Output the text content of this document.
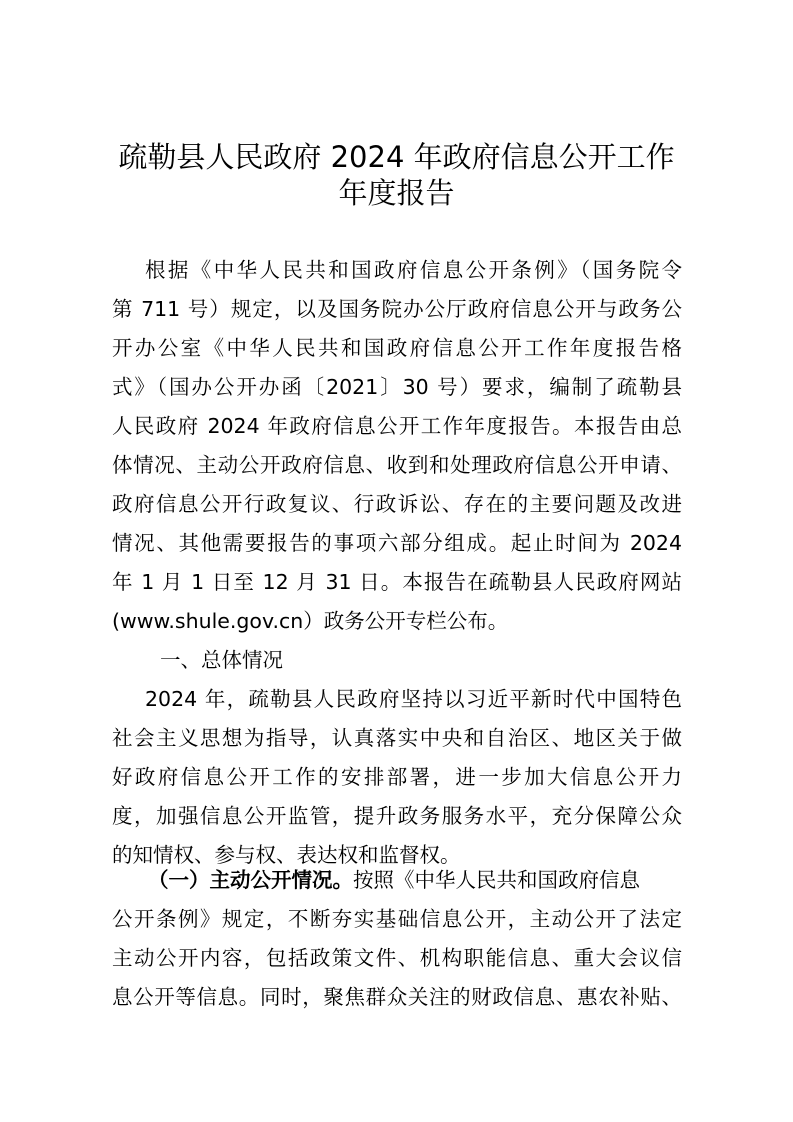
疏勒县人民政府 2024 年政府信息公开工作
年度报告
根据《中华人民共和国政府信息公开条例》（国务院令
第 711 号）规定，以及国务院办公厅政府信息公开与政务公
开办公室《中华人民共和国政府信息公开工作年度报告格
式》（国办公开办函〔2021〕30 号）要求，编制了疏勒县
人民政府 2024 年政府信息公开工作年度报告。本报告由总
体情况、主动公开政府信息、收到和处理政府信息公开申请、
政府信息公开行政复议、行政诉讼、存在的主要问题及改进
情况、其他需要报告的事项六部分组成。起止时间为 2024
年 1 月 1 日至 12 月 31 日。本报告在疏勒县人民政府网站
(www.shule.gov.cn）政务公开专栏公布。
一、总体情况
2024 年，疏勒县人民政府坚持以习近平新时代中国特色
社会主义思想为指导，认真落实中央和自治区、地区关于做
好政府信息公开工作的安排部署，进一步加大信息公开力
度，加强信息公开监管，提升政务服务水平，充分保障公众
的知情权、参与权、表达权和监督权。
（一）主动公开情况。按照《中华人民共和国政府信息
公开条例》规定，不断夯实基础信息公开，主动公开了法定
主动公开内容，包括政策文件、机构职能信息、重大会议信
息公开等信息。同时，聚焦群众关注的财政信息、惠农补贴、
